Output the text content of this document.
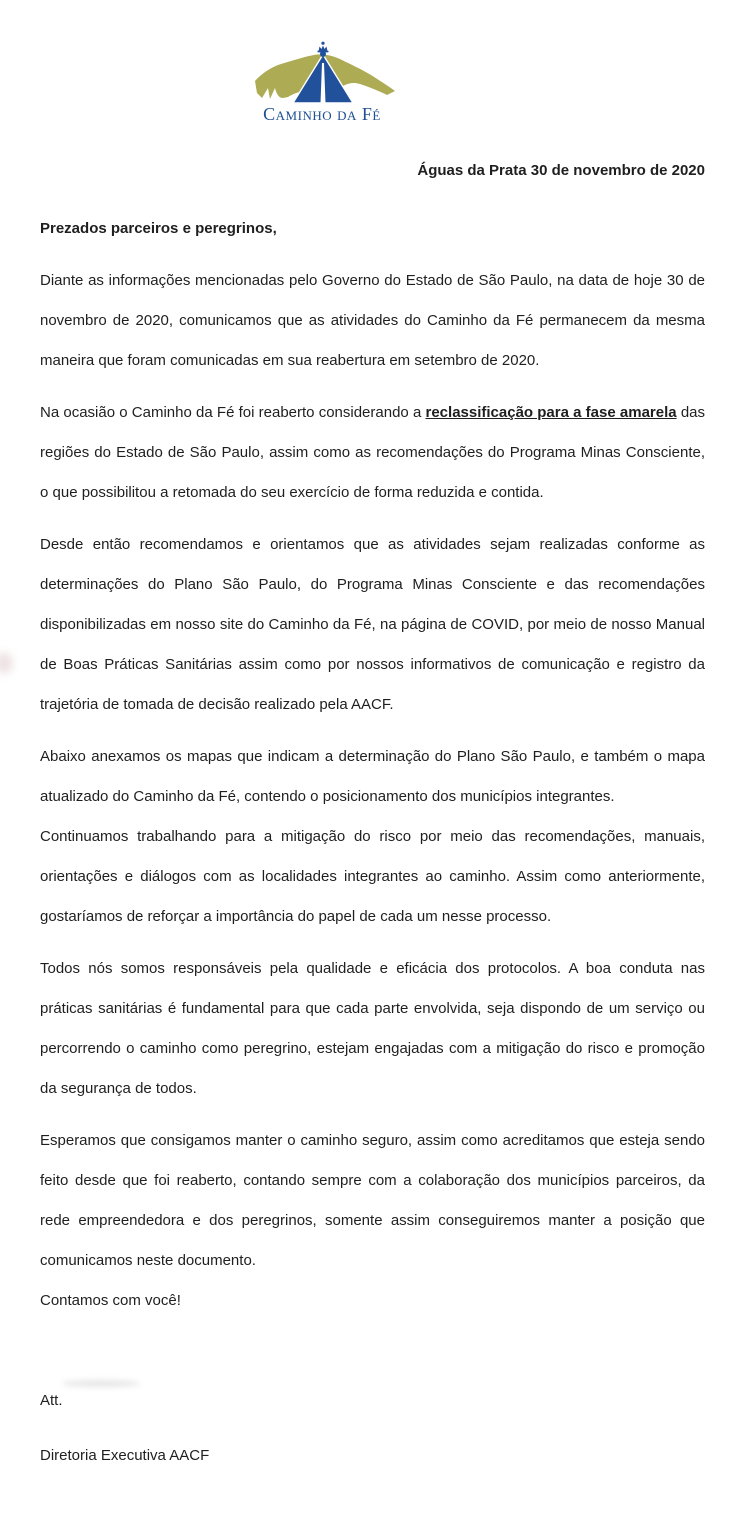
Caminho da Fé
Águas da Prata 30 de novembro de 2020
Prezados parceiros e peregrinos,

Diante as informações mencionadas pelo Governo do Estado de São Paulo, na data de hoje 30 de novembro de 2020, comunicamos que as atividades do Caminho da Fé permanecem da mesma maneira que foram comunicadas em sua reabertura em setembro de 2020.

Na ocasião o Caminho da Fé foi reaberto considerando a reclassificação para a fase amarela das regiões do Estado de São Paulo, assim como as recomendações do Programa Minas Consciente, o que possibilitou a retomada do seu exercício de forma reduzida e contida.

Desde então recomendamos e orientamos que as atividades sejam realizadas conforme as determinações do Plano São Paulo, do Programa Minas Consciente e das recomendações disponibilizadas em nosso site do Caminho da Fé, na página de COVID, por meio de nosso Manual de Boas Práticas Sanitárias assim como por nossos informativos de comunicação e registro da trajetória de tomada de decisão realizado pela AACF.

Abaixo anexamos os mapas que indicam a determinação do Plano São Paulo, e também o mapa atualizado do Caminho da Fé, contendo o posicionamento dos municípios integrantes.

Continuamos trabalhando para a mitigação do risco por meio das recomendações, manuais, orientações e diálogos com as localidades integrantes ao caminho. Assim como anteriormente, gostaríamos de reforçar a importância do papel de cada um nesse processo.

Todos nós somos responsáveis pela qualidade e eficácia dos protocolos. A boa conduta nas práticas sanitárias é fundamental para que cada parte envolvida, seja dispondo de um serviço ou percorrendo o caminho como peregrino, estejam engajadas com a mitigação do risco e promoção da segurança de todos.

Esperamos que consigamos manter o caminho seguro, assim como acreditamos que esteja sendo feito desde que foi reaberto, contando sempre com a colaboração dos municípios parceiros, da rede empreendedora e dos peregrinos, somente assim conseguiremos manter a posição que comunicamos neste documento.

Contamos com você!
Att.
Diretoria Executiva AACF
